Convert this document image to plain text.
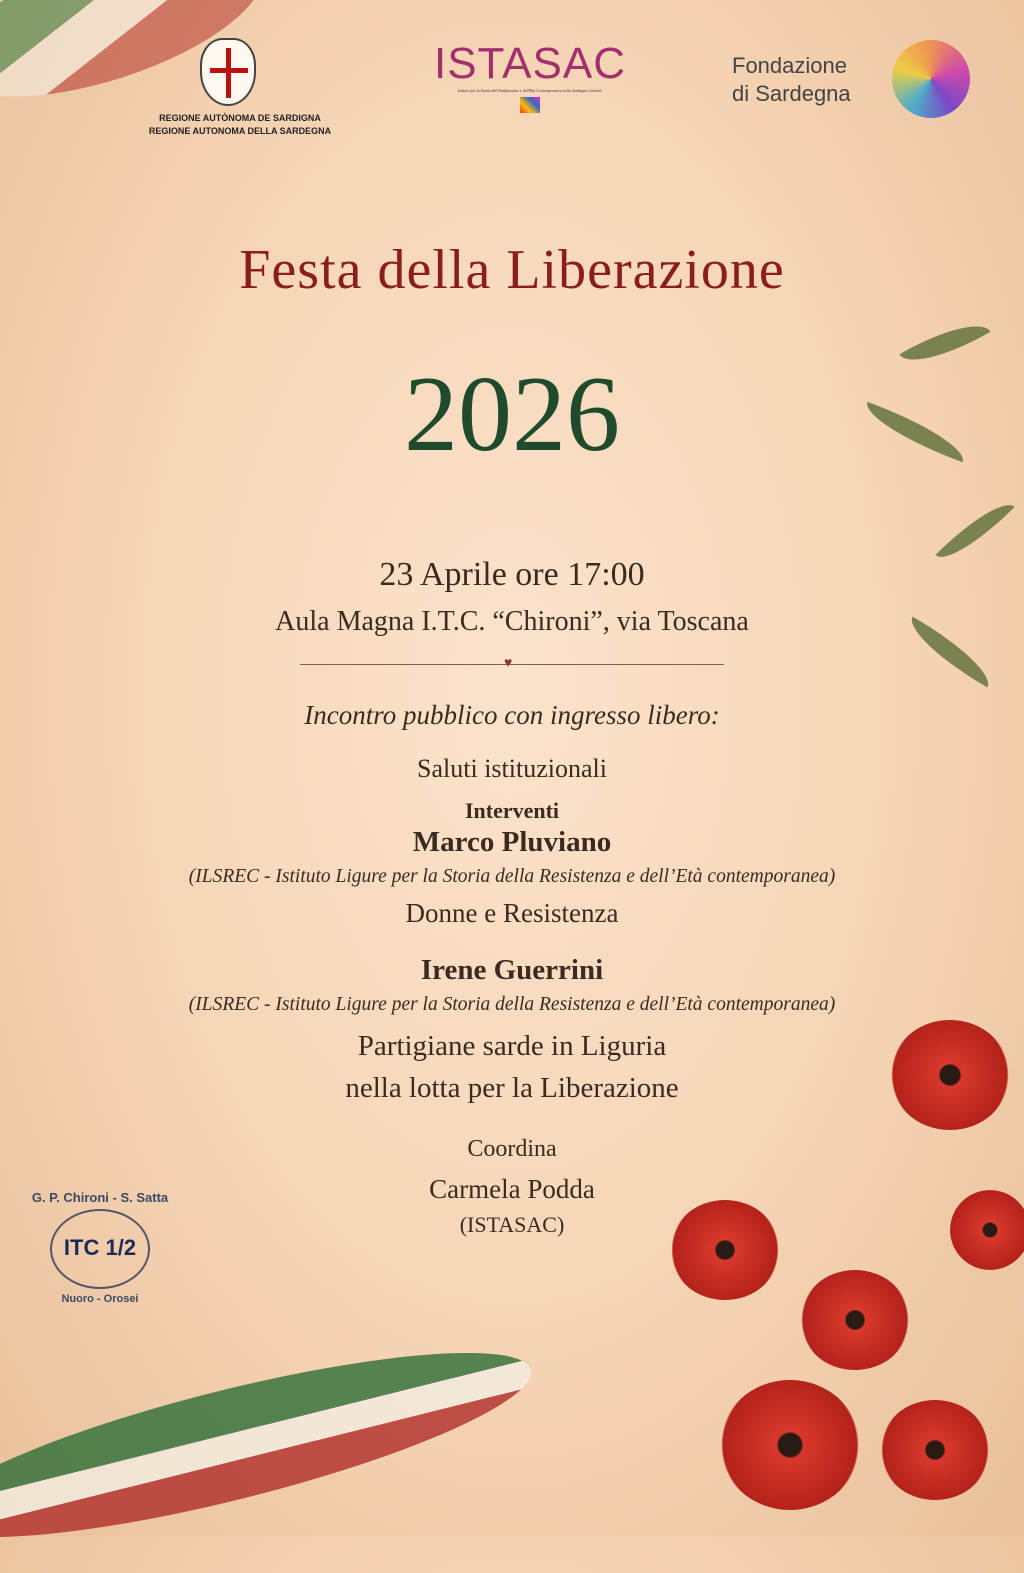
REGIONE AUTÒNOMA DE SARDIGNA
REGIONE AUTONOMA DELLA SARDEGNA
ISTASAC
Istituto per la Storia dell'Antifascismo e dell'Età Contemporanea nella Sardegna Centrale
Fondazione
di Sardegna
G. P. Chironi - S. Satta
ITC 1/2
Nuoro - Orosei
Festa della Liberazione
2026
23 Aprile ore 17:00
Aula Magna I.T.C. “Chironi”, via Toscana
♥
Incontro pubblico con ingresso libero:
Saluti istituzionali
Interventi
Marco Pluviano
(ILSREC - Istituto Ligure per la Storia della Resistenza e dell’Età contemporanea)
Donne e Resistenza
Irene Guerrini
(ILSREC - Istituto Ligure per la Storia della Resistenza e dell’Età contemporanea)
Partigiane sarde in Liguria
nella lotta per la Liberazione
Coordina
Carmela Podda
(ISTASAC)
